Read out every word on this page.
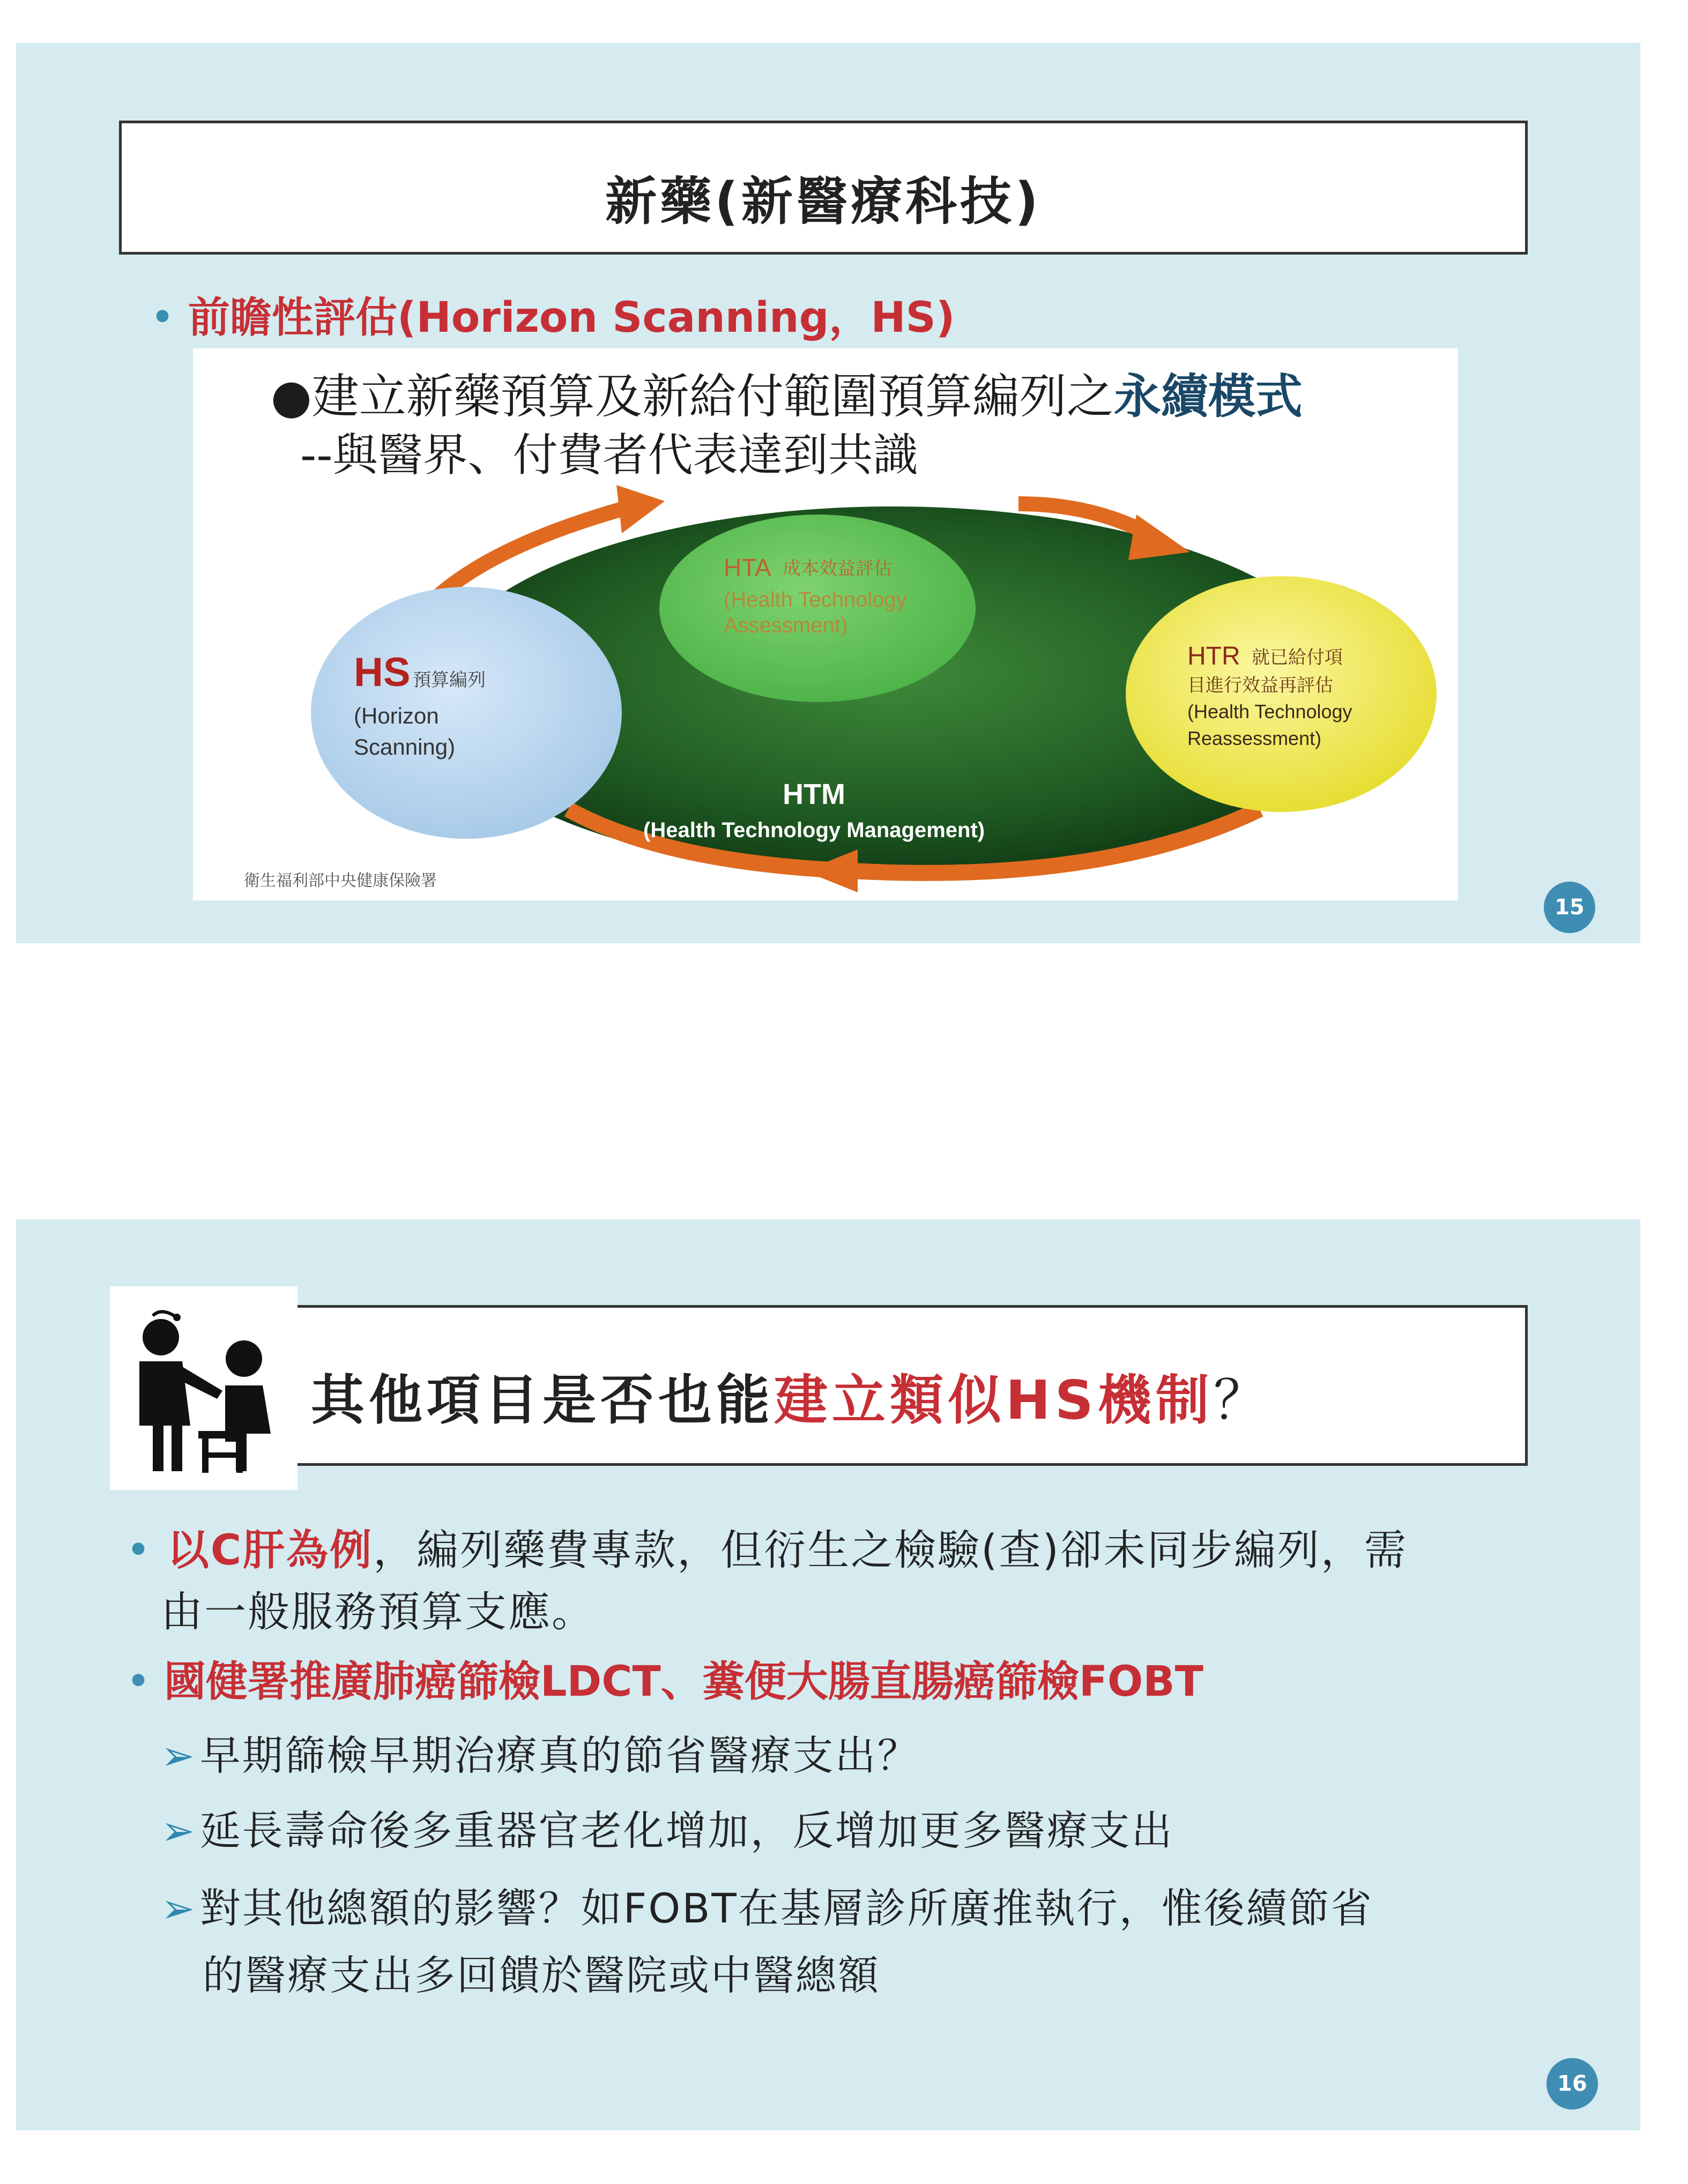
新藥(新醫療科技)
• 前瞻性評估(Horizon Scanning，HS)
●建立新藥預算及新給付範圍預算編列之永續模式
--與醫界、付費者代表達到共識
HTA 成本效益評估
(Health Technology
Assessment)
HS 預算編列
(Horizon
Scanning)
HTR 就已給付項
目進行效益再評估
(Health Technology
Reassessment)
HTM
(Health Technology Management)
衛生福利部中央健康保險署
15
其他項目是否也能建立類似HS機制？
• 以C肝為例，編列藥費專款，但衍生之檢驗(查)卻未同步編列，需
由一般服務預算支應。
• 國健署推廣肺癌篩檢LDCT、糞便大腸直腸癌篩檢FOBT
➢早期篩檢早期治療真的節省醫療支出？
➢延長壽命後多重器官老化增加，反增加更多醫療支出
➢對其他總額的影響？如FOBT在基層診所廣推執行，惟後續節省
的醫療支出多回饋於醫院或中醫總額
16
